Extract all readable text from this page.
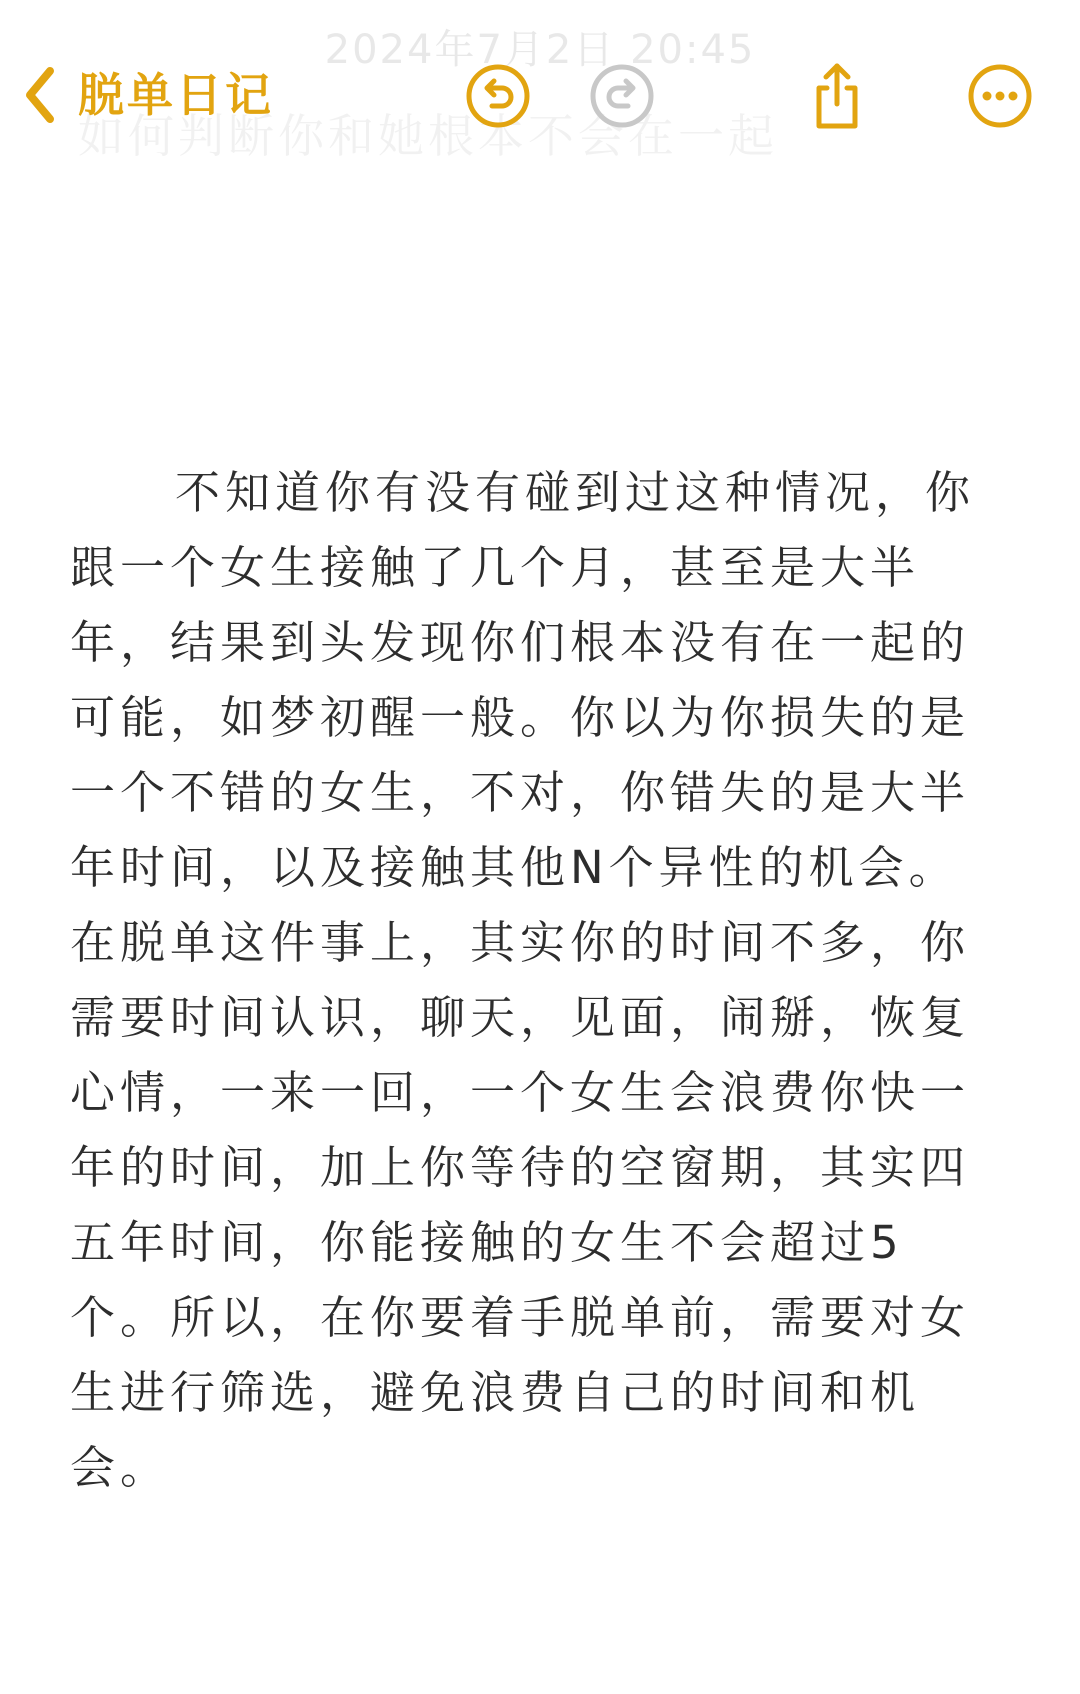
2024年7月2日 20:45
如何判断你和她根本不会在一起
脱单日记
不知道你有没有碰到过这种情况，你跟一个女生接触了几个月，甚至是大半年，结果到头发现你们根本没有在一起的可能，如梦初醒一般。你以为你损失的是一个不错的女生，不对，你错失的是大半年时间，以及接触其他N个异性的机会。在脱单这件事上，其实你的时间不多，你需要时间认识，聊天，见面，闹掰，恢复心情，一来一回，一个女生会浪费你快一年的时间，加上你等待的空窗期，其实四五年时间，你能接触的女生不会超过5个。所以，在你要着手脱单前，需要对女生进行筛选，避免浪费自己的时间和机会。
